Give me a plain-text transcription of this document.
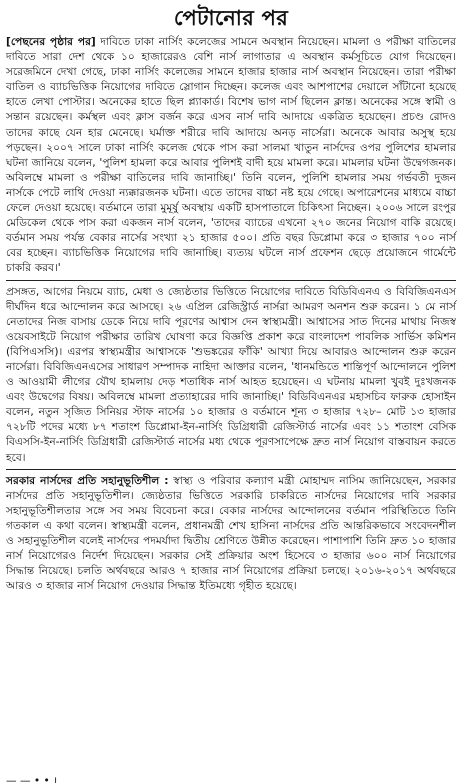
পেটানোর পর

[পেছনের পৃষ্ঠার পর] দাবিতে ঢাকা নার্সিং কলেজের সামনে অবস্থান নিয়েছেন। মামলা ও পরীক্ষা বাতিলের দাবিতে সারা দেশ থেকে ১০ হাজারেরও বেশি নার্স লাগাতার এ অবস্থান কর্মসূচিতে যোগ দিয়েছেন। সরেজমিনে দেখা গেছে, ঢাকা নার্সিং কলেজের সামনে হাজার হাজার নার্স অবস্থান নিয়েছেন। তারা পরীক্ষা বাতিল ও ব্যাচভিত্তিক নিয়োগের দাবিতে স্লোগান দিচ্ছেন। কলেজ এবং আশপাশের দেয়ালে সাঁটানো হয়েছে হাতে লেখা পোস্টার। অনেকের হাতে ছিল প্ল্যাকার্ড। বিশেষ ভাগ নার্স ছিলেন ক্লান্ত। অনেকের সঙ্গে স্বামী ও সন্তান রয়েছেন। কর্মস্থল এবং ক্লাস বর্জন করে এসব নার্স দাবি আদায়ে একত্রিত হয়েছেন। প্রচণ্ড রোদও তাদের কাছে যেন হার মেনেছে। ঘর্মাক্ত শরীরে দাবি আদায়ে অনড় নার্সেরা। অনেকে আবার অসুস্থ হয়ে পড়ছেন। ২০০৭ সালে ঢাকা নার্সিং কলেজ থেকে পাস করা সালমা খাতুন নার্সদের ওপর পুলিশের হামলার ঘটনা জানিয়ে বলেন, 'পুলিশ হামলা করে আবার পুলিশই বাদী হয়ে মামলা করে। মামলার ঘটনা উদ্বেগজনক। অবিলম্বে মামলা ও পরীক্ষা বাতিলের দাবি জানাচ্ছি।' তিনি বলেন, পুলিশি হামলার সময় গর্ভবতী দুজন নার্সকে পেটে লাথি দেওয়া ন্যক্কারজনক ঘটনা। এতে তাদের বাচ্চা নষ্ট হয়ে গেছে। অপারেশনের মাধ্যমে বাচ্চা ফেলে দেওয়া হয়েছে। বর্তমানে তারা মুমূর্ষু অবস্থায় একটি হাসপাতালে চিকিৎসা নিচ্ছেন। ২০০৬ সালে রংপুর মেডিকেল থেকে পাস করা একজন নার্স বলেন, 'তাদের ব্যাচের এখনো ২৭০ জনের নিয়োগ বাকি রয়েছে। বর্তমান সময় পর্যন্ত বেকার নার্সের সংখ্যা ২১ হাজার ৫০০। প্রতি বছর ডিপ্লোমা করে ৩ হাজার ৭০০ নার্স বের হচ্ছেন। ব্যাচভিত্তিক নিয়োগের দাবি জানাচ্ছি। ব্যত্যয় ঘটলে নার্স প্রফেশন ছেড়ে প্রয়োজনে গার্মেন্টে চাকরি করব।'

প্রসঙ্গত, আগের নিয়মে ব্যাচ, মেধা ও জ্যেষ্ঠতার ভিত্তিতে নিয়োগের দাবিতে বিডিবিএনএ ও বিবিজিএনএস দীর্ঘদিন ধরে আন্দোলন করে আসছে। ২৬ এপ্রিল রেজিস্ট্রার্ড নার্সরা আমরণ অনশন শুরু করেন। ১ মে নার্স নেতাদের নিজ বাসায় ডেকে নিয়ে দাবি পূরণের আশ্বাস দেন স্বাস্থ্যমন্ত্রী। আশ্বাসের সাত দিনের মাথায় নিজস্ব ওয়েবসাইটে নিয়োগ পরীক্ষার তারিখ ঘোষণা করে বিজ্ঞপ্তি প্রকাশ করে বাংলাদেশ পাবলিক সার্ভিস কমিশন (বিপিএসসি)। এরপর স্বাস্থ্যমন্ত্রীর আশ্বাসকে 'শুভঙ্করের ফাঁকি' আখ্যা দিয়ে আবারও আন্দোলন শুরু করেন নার্সেরা। বিবিজিএনএসের সাধারণ সম্পাদক নাহিদা আক্তার বলেন, 'ধানমন্ডিতে শান্তিপূর্ণ আন্দোলনে পুলিশ ও আওয়ামী লীগের যৌথ হামলায় দেড় শতাধিক নার্স আহত হয়েছেন। এ ঘটনায় মামলা খুবই দুঃখজনক এবং উদ্বেগের বিষয়। অবিলম্বে মামলা প্রত্যাহারের দাবি জানাচ্ছি।' বিডিবিএনএর মহাসচিব ফারুক হোসাইন বলেন, নতুন সৃজিত সিনিয়র স্টাফ নার্সের ১০ হাজার ও বর্তমানে শূন্য ৩ হাজার ৭২৮– মোট ১৩ হাজার ৭২৮টি পদের মধ্যে ৮৭ শতাংশ ডিপ্লোমা-ইন-নার্সিং ডিগ্রিধারী রেজিস্টার্ড নার্সের এবং ১১ শতাংশ বেসিক বিএসসি-ইন-নার্সিং ডিগ্রিধারী রেজিস্টার্ড নার্সের মধ্য থেকে পূরণসাপেক্ষে দ্রুত নার্স নিয়োগ বাস্তবায়ন করতে হবে।

সরকার নার্সদের প্রতি সহানুভূতিশীল : স্বাস্থ্য ও পরিবার কল্যাণ মন্ত্রী মোহাম্মদ নাসিম জানিয়েছেন, সরকার নার্সদের প্রতি সহানুভূতিশীল। জ্যেষ্ঠতার ভিত্তিতে সরকারি চাকরিতে নার্সদের নিয়োগের দাবি সরকার সহানুভূতিশীলতার সঙ্গে সব সময় বিবেচনা করে। বেকার নার্সদের আন্দোলনের বর্তমান পরিস্থিতিতে তিনি গতকাল এ কথা বলেন। স্বাস্থ্যমন্ত্রী বলেন, প্রধানমন্ত্রী শেখ হাসিনা নার্সদের প্রতি আন্তরিকভাবে সংবেদনশীল ও সহানুভূতিশীল বলেই নার্সদের পদমর্যাদা দ্বিতীয় শ্রেণিতে উন্নীত করেছেন। পাশাপাশি তিনি দ্রুত ১০ হাজার নার্স নিয়োগেরও নির্দেশ দিয়েছেন। সরকার সেই প্রক্রিয়ার অংশ হিসেবে ৩ হাজার ৬০০ নার্স নিয়োগের সিদ্ধান্ত নিয়েছে। চলতি অর্থবছরে আরও ৭ হাজার নার্স নিয়োগের প্রক্রিয়া চলছে। ২০১৬-২০১৭ অর্থবছরে আরও ৩ হাজার নার্স নিয়োগ দেওয়ার সিদ্ধান্ত ইতিমধ্যে গৃহীত হয়েছে।

— — • • ।
